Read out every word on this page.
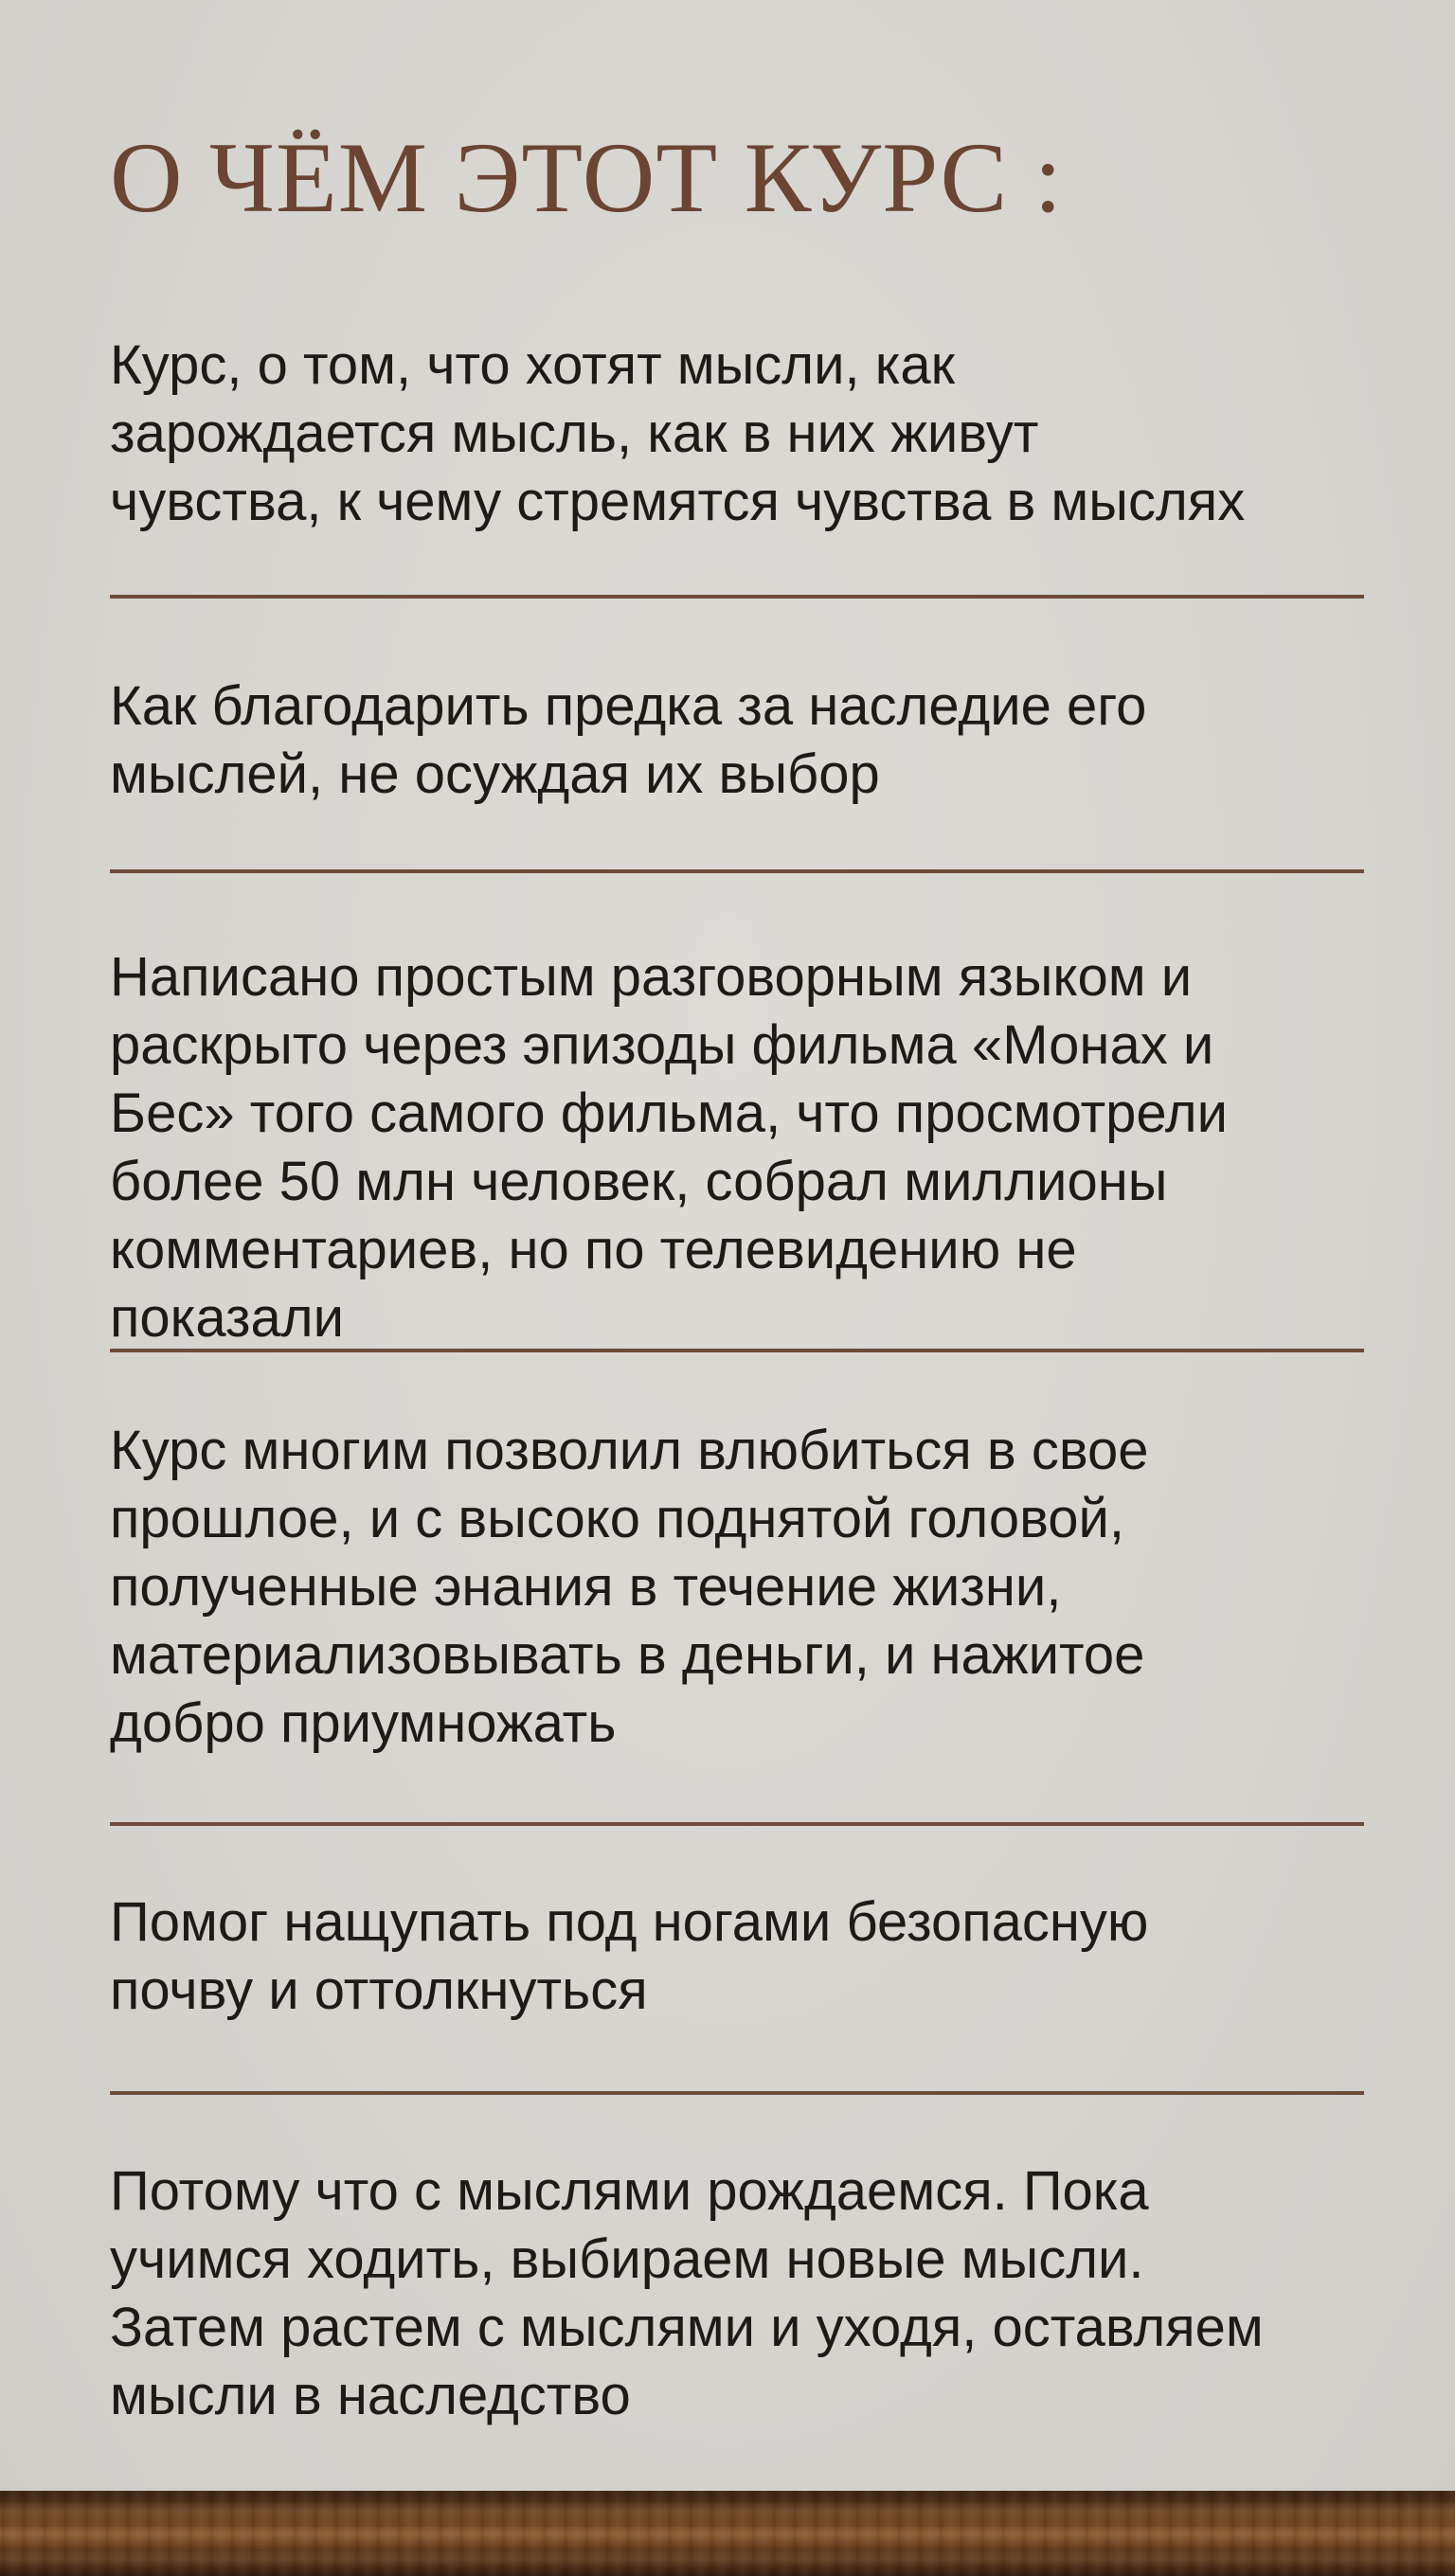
О ЧЁМ ЭТОТ КУРС :

Курс, о том, что хотят мысли, как
зарождается мысль, как в них живут
чувства, к чему стремятся чувства в мыслях

Как благодарить предка за наследие его
мыслей, не осуждая их выбор

Написано простым разговорным языком и
раскрыто через эпизоды фильма «Монах и
Бес» того самого фильма, что просмотрели
более 50 млн человек, собрал миллионы
комментариев, но по телевидению не
показали

Курс многим позволил влюбиться в свое
прошлое, и с высоко поднятой головой,
полученные энания в течение жизни,
материализовывать в деньги, и нажитое
добро приумножать

Помог нащупать под ногами безопасную
почву и оттолкнуться

Потому что с мыслями рождаемся. Пока
учимся ходить, выбираем новые мысли.
Затем растем с мыслями и уходя, оставляем
мысли в наследство
